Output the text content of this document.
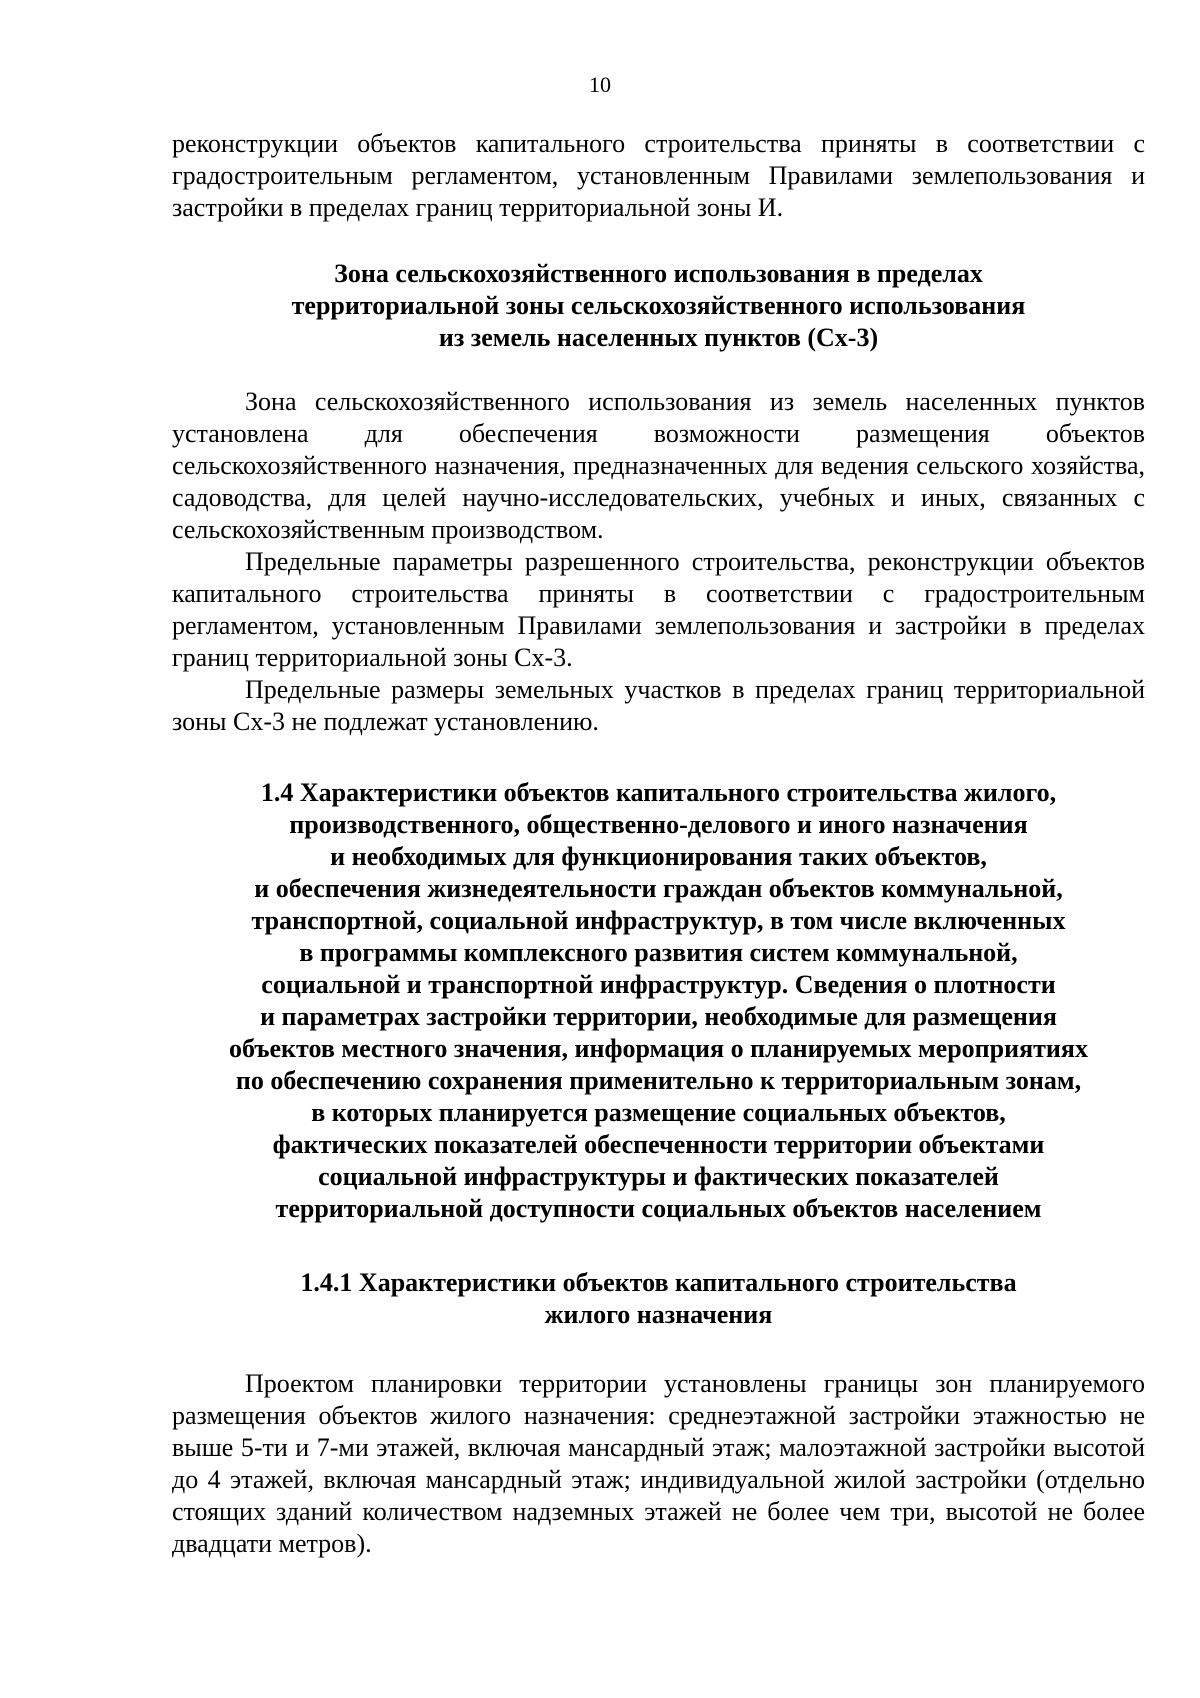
10

реконструкции объектов капитального строительства приняты в соответствии с градостроительным регламентом, установленным Правилами землепользования и застройки в пределах границ территориальной зоны И.

Зона сельскохозяйственного использования в пределах
территориальной зоны сельскохозяйственного использования
из земель населенных пунктов (Сх-3)

Зона сельскохозяйственного использования из земель населенных пунктов установлена для обеспечения возможности размещения объектов сельскохозяйственного назначения, предназначенных для ведения сельского хозяйства, садоводства, для целей научно-исследовательских, учебных и иных, связанных с сельскохозяйственным производством.

Предельные параметры разрешенного строительства, реконструкции объектов капитального строительства приняты в соответствии с градостроительным регламентом, установленным Правилами землепользования и застройки в пределах границ территориальной зоны Сх-3.

Предельные размеры земельных участков в пределах границ территориальной зоны Сх-3 не подлежат установлению.

1.4 Характеристики объектов капитального строительства жилого,
производственного, общественно-делового и иного назначения
и необходимых для функционирования таких объектов,
и обеспечения жизнедеятельности граждан объектов коммунальной,
транспортной, социальной инфраструктур, в том числе включенных
в программы комплексного развития систем коммунальной,
социальной и транспортной инфраструктур. Сведения о плотности
и параметрах застройки территории, необходимые для размещения
объектов местного значения, информация о планируемых мероприятиях
по обеспечению сохранения применительно к территориальным зонам,
в которых планируется размещение социальных объектов,
фактических показателей обеспеченности территории объектами
социальной инфраструктуры и фактических показателей
территориальной доступности социальных объектов населением
1.4.1 Характеристики объектов капитального строительства
жилого назначения

Проектом планировки территории установлены границы зон планируемого размещения объектов жилого назначения: среднеэтажной застройки этажностью не выше 5-ти и 7-ми этажей, включая мансардный этаж; малоэтажной застройки высотой до 4 этажей, включая мансардный этаж; индивидуальной жилой застройки (отдельно стоящих зданий количеством надземных этажей не более чем три, высотой не более двадцати метров).
